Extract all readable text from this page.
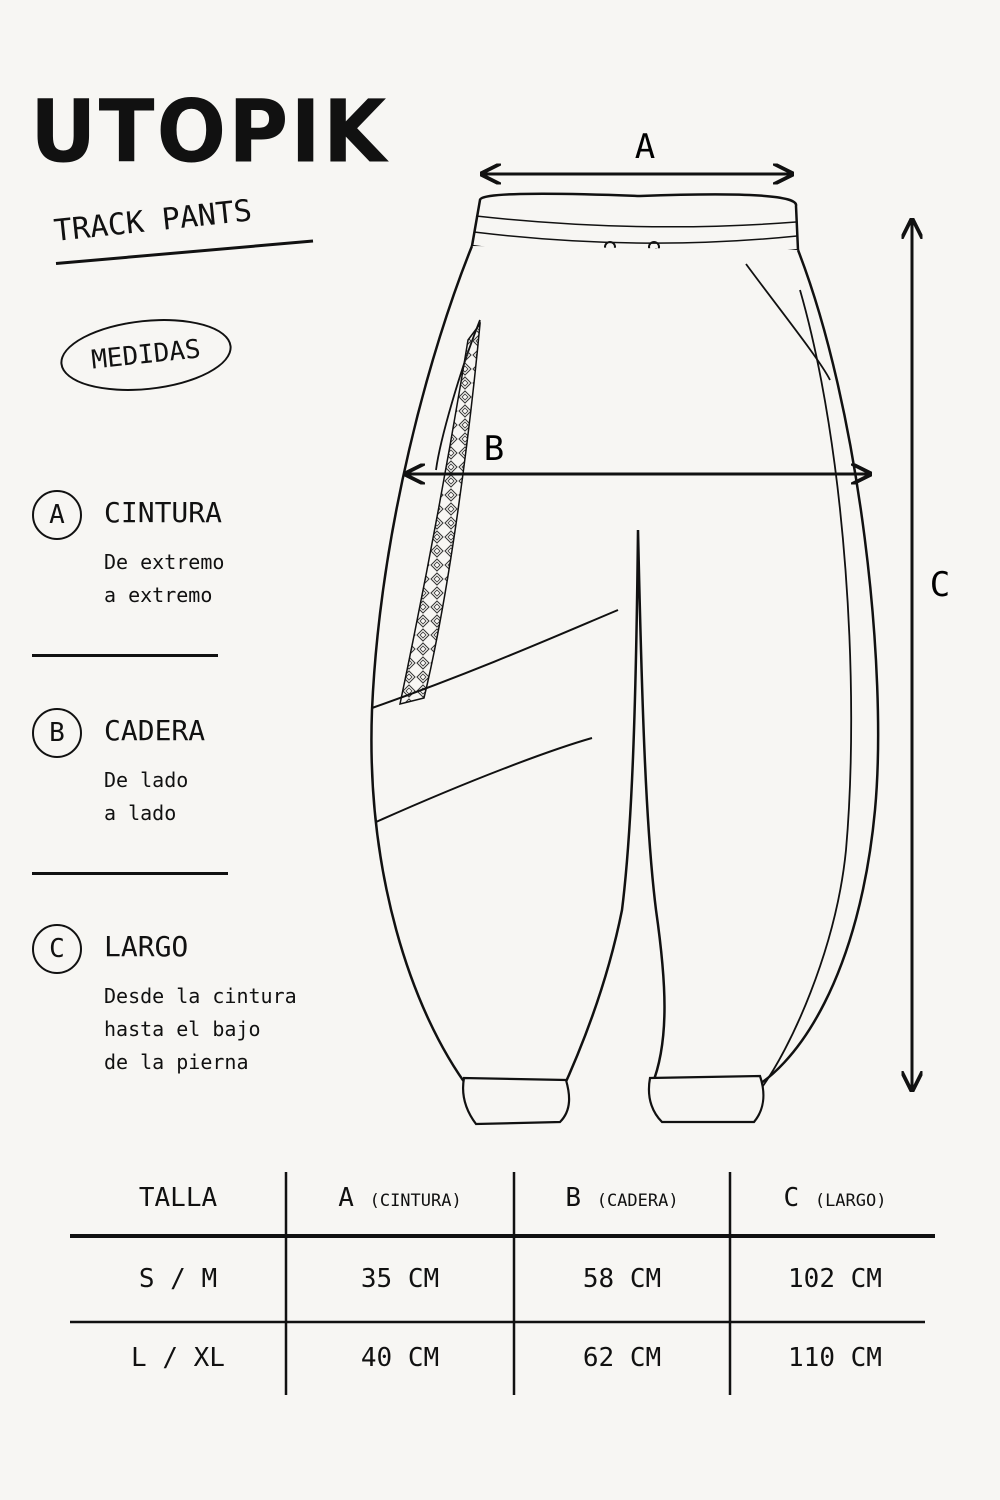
UTOPIK
TRACK PANTS
MEDIDAS
A	CINTURA
De extremo
a extremo
B	CADERA
De lado
a lado
C	LARGO
Desde la cintura
hasta el bajo
de la pierna
A
B
C
TALLA	A (CINTURA)	B (CADERA)	C (LARGO)
S / M	35 CM	58 CM	102 CM
L / XL	40 CM	62 CM	110 CM
